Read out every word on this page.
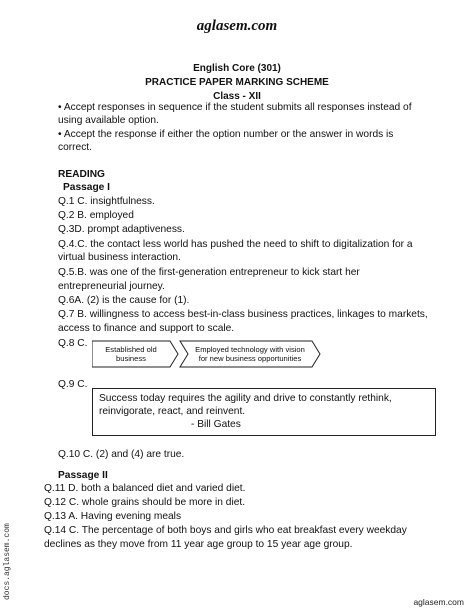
aglasem.com
English Core (301)
PRACTICE PAPER MARKING SCHEME
Class - XII
• Accept responses in sequence if the student submits all responses instead of
using available option.
• Accept the response if either the option number or the answer in words is
correct.
READING
Passage I
Q.1 C. insightfulness.
Q.2 B. employed
Q.3D. prompt adaptiveness.
Q.4.C. the contact less world has pushed the need to shift to digitalization for a
virtual business interaction.
Q.5.B. was one of the first-generation entrepreneur to kick start her
entrepreneurial journey.
Q.6A. (2) is the cause for (1).
Q.7 B. willingness to access best-in-class business practices, linkages to markets,
access to finance and support to scale.
Q.8 C.
Established old business
Employed technology with vision for new business opportunities
Q.9 C.
Success today requires the agility and drive to constantly rethink,
reinvigorate, react, and reinvent.
- Bill Gates
Q.10 C. (2) and (4) are true.
Passage II
Q.11 D. both a balanced diet and varied diet.
Q.12 C. whole grains should be more in diet.
Q.13 A. Having evening meals
Q.14 C. The percentage of both boys and girls who eat breakfast every weekday
declines as they move from 11 year age group to 15 year age group.
docs.aglasem.com
aglasem.com
